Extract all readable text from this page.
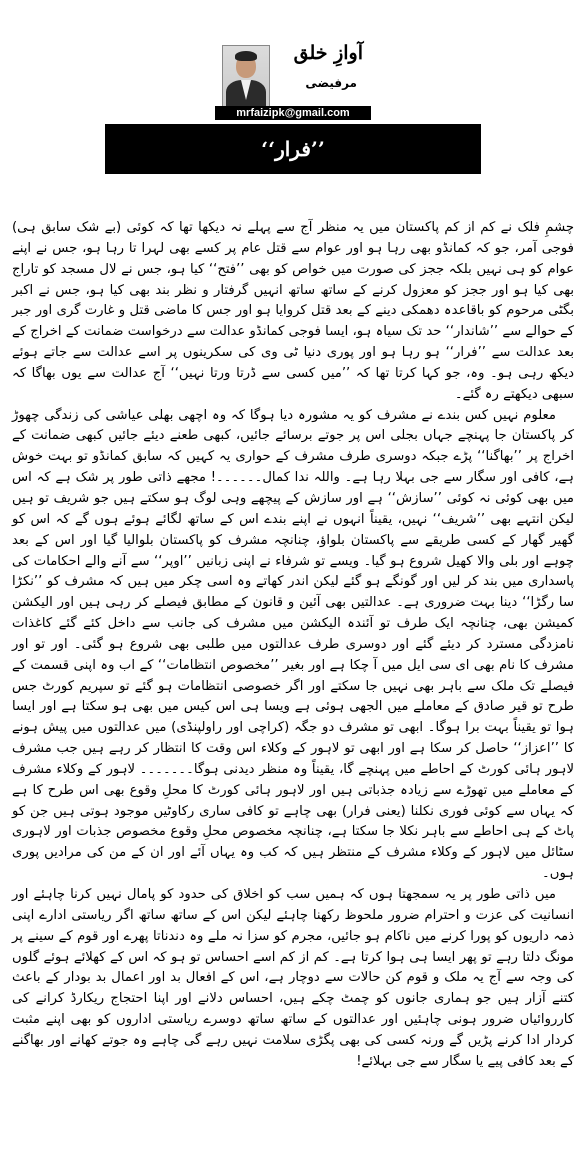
آوازِ خلق
مرفیضی
mrfaizipk@gmail.com
’’فرار‘‘

چشمِ فلک نے کم از کم پاکستان میں یہ منظر آج سے پہلے نہ دیکھا تھا کہ کوئی (بے شک سابق ہی) فوجی آمر، جو کہ کمانڈو بھی رہا ہو اور عوام سے قتل عام پر کسے بھی لہرا تا رہا ہو، جس نے اپنے عوام کو ہی نہیں بلکہ ججز کی صورت میں خواص کو بھی ’’فتح‘‘ کیا ہو، جس نے لال مسجد کو تاراج بھی کیا ہو اور ججز کو معزول کرنے کے ساتھ ساتھ انہیں گرفتار و نظر بند بھی کیا ہو، جس نے اکبر بگٹی مرحوم کو باقاعدہ دھمکی دینے کے بعد قتل کروایا ہو اور جس کا ماضی قتل و غارت گری اور جبر کے حوالے سے ’’شاندار‘‘ حد تک سیاہ ہو، ایسا فوجی کمانڈو عدالت سے درخواست ضمانت کے اخراج کے بعد عدالت سے ’’فرار‘‘ ہو رہا ہو اور پوری دنیا ٹی وی کی سکرینوں پر اسے عدالت سے جاتے ہوئے دیکھ رہی ہو۔ وہ، جو کہا کرتا تھا کہ ’’میں کسی سے ڈرتا ورتا نہیں‘‘ آج عدالت سے یوں بھاگا کہ سبھی دیکھتے رہ گئے۔

معلوم نہیں کس بندے نے مشرف کو یہ مشورہ دیا ہوگا کہ وہ اچھی بھلی عیاشی کی زندگی چھوڑ کر پاکستان جا پہنچے جہاں بجلی اس پر جوتے برسائے جائیں، کبھی طعنے دیئے جائیں کبھی ضمانت کے اخراج پر ’’بھاگنا‘‘ پڑے جبکہ دوسری طرف مشرف کے حواری یہ کہیں کہ سابق کمانڈو تو بہت خوش ہے، کافی اور سگار سے جی بہلا رہا ہے۔ واللہ ندا کمال۔۔۔۔۔۔! مجھے ذاتی طور پر شک ہے کہ اس میں بھی کوئی نہ کوئی ’’سازش‘‘ ہے اور سازش کے پیچھے وہی لوگ ہو سکتے ہیں جو شریف تو ہیں لیکن انتہے بھی ’’شریف‘‘ نہیں، یقیناً انہوں نے اپنے بندے اس کے ساتھ لگائے ہوئے ہوں گے کہ اس کو گھیر گھار کے کسی طریقے سے پاکستان بلواؤ، چنانچہ مشرف کو پاکستان بلوالیا گیا اور اس کے بعد چوہے اور بلی والا کھیل شروع ہو گیا۔ ویسے تو شرفاء نے اپنی زبانیں ’’اوپر‘‘ سے آنے والے احکامات کی پاسداری میں بند کر لیں اور گونگے ہو گئے لیکن اندر کھاتے وہ اسی چکر میں ہیں کہ مشرف کو ’’نکڑا سا رگڑا‘‘ دینا بہت ضروری ہے۔ عدالتیں بھی آئین و قانون کے مطابق فیصلے کر رہی ہیں اور الیکشن کمیشن بھی، چنانچہ ایک طرف تو آئندہ الیکشن میں مشرف کی جانب سے داخل کئے گئے کاغذات نامزدگی مسترد کر دیئے گئے اور دوسری طرف عدالتوں میں طلبی بھی شروع ہو گئی۔ اور تو اور مشرف کا نام بھی ای سی ایل میں آ چکا ہے اور بغیر ’’مخصوص انتظامات‘‘ کے اب وہ اپنی قسمت کے فیصلے تک ملک سے باہر بھی نہیں جا سکتے اور اگر خصوصی انتظامات ہو گئے تو سپریم کورٹ جس طرح تو قیر صادق کے معاملے میں الجھی ہوئی ہے ویسا ہی اس کیس میں بھی ہو سکتا ہے اور ایسا ہوا تو یقیناً بہت برا ہوگا۔ ابھی تو مشرف دو جگہ (کراچی اور راولپنڈی) میں عدالتوں میں پیش ہونے کا ’’اعزاز‘‘ حاصل کر سکا ہے اور ابھی تو لاہور کے وکلاء اس وقت کا انتظار کر رہے ہیں جب مشرف لاہور ہائی کورٹ کے احاطے میں پہنچے گا، یقیناً وہ منظر دیدنی ہوگا۔۔۔۔۔۔۔ لاہور کے وکلاء مشرف کے معاملے میں تھوڑے سے زیادہ جذباتی ہیں اور لاہور ہائی کورٹ کا محلِ وقوع بھی اس طرح کا ہے کہ یہاں سے کوئی فوری نکلنا (یعنی فرار) بھی چاہے تو کافی ساری رکاوٹیں موجود ہوتی ہیں جن کو پاٹ کے ہی احاطے سے باہر نکلا جا سکتا ہے، چنانچہ مخصوص محلِ وقوع مخصوص جذبات اور لاہوری سٹائل میں لاہور کے وکلاء مشرف کے منتظر ہیں کہ کب وہ یہاں آئے اور ان کے من کی مرادیں پوری ہوں۔

میں ذاتی طور پر یہ سمجھتا ہوں کہ ہمیں سب کو اخلاق کی حدود کو پامال نہیں کرنا چاہئے اور انسانیت کی عزت و احترام ضرور ملحوظ رکھنا چاہئے لیکن اس کے ساتھ ساتھ اگر ریاستی ادارے اپنی ذمہ داریوں کو پورا کرنے میں ناکام ہو جائیں، مجرم کو سزا نہ ملے وہ دندناتا پھرے اور قوم کے سینے پر مونگ دلتا رہے تو پھر ایسا ہی ہوا کرتا ہے۔ کم از کم اسے احساس تو ہو کہ اس کے کھلائے ہوئے گلوں کی وجہ سے آج یہ ملک و قوم کن حالات سے دوچار ہے، اس کے افعال بد اور اعمال بد بودار کے باعث کتنے آزار ہیں جو ہماری جانوں کو چمٹ چکے ہیں، احساس دلانے اور اپنا احتجاج ریکارڈ کرانے کی کارروائیاں ضرور ہونی چاہئیں اور عدالتوں کے ساتھ ساتھ دوسرے ریاستی اداروں کو بھی اپنے مثبت کردار ادا کرنے پڑیں گے ورنہ کسی کی بھی پگڑی سلامت نہیں رہے گی چاہے وہ جوتے کھانے اور بھاگنے کے بعد کافی پیے یا سگار سے جی بہلائے!
